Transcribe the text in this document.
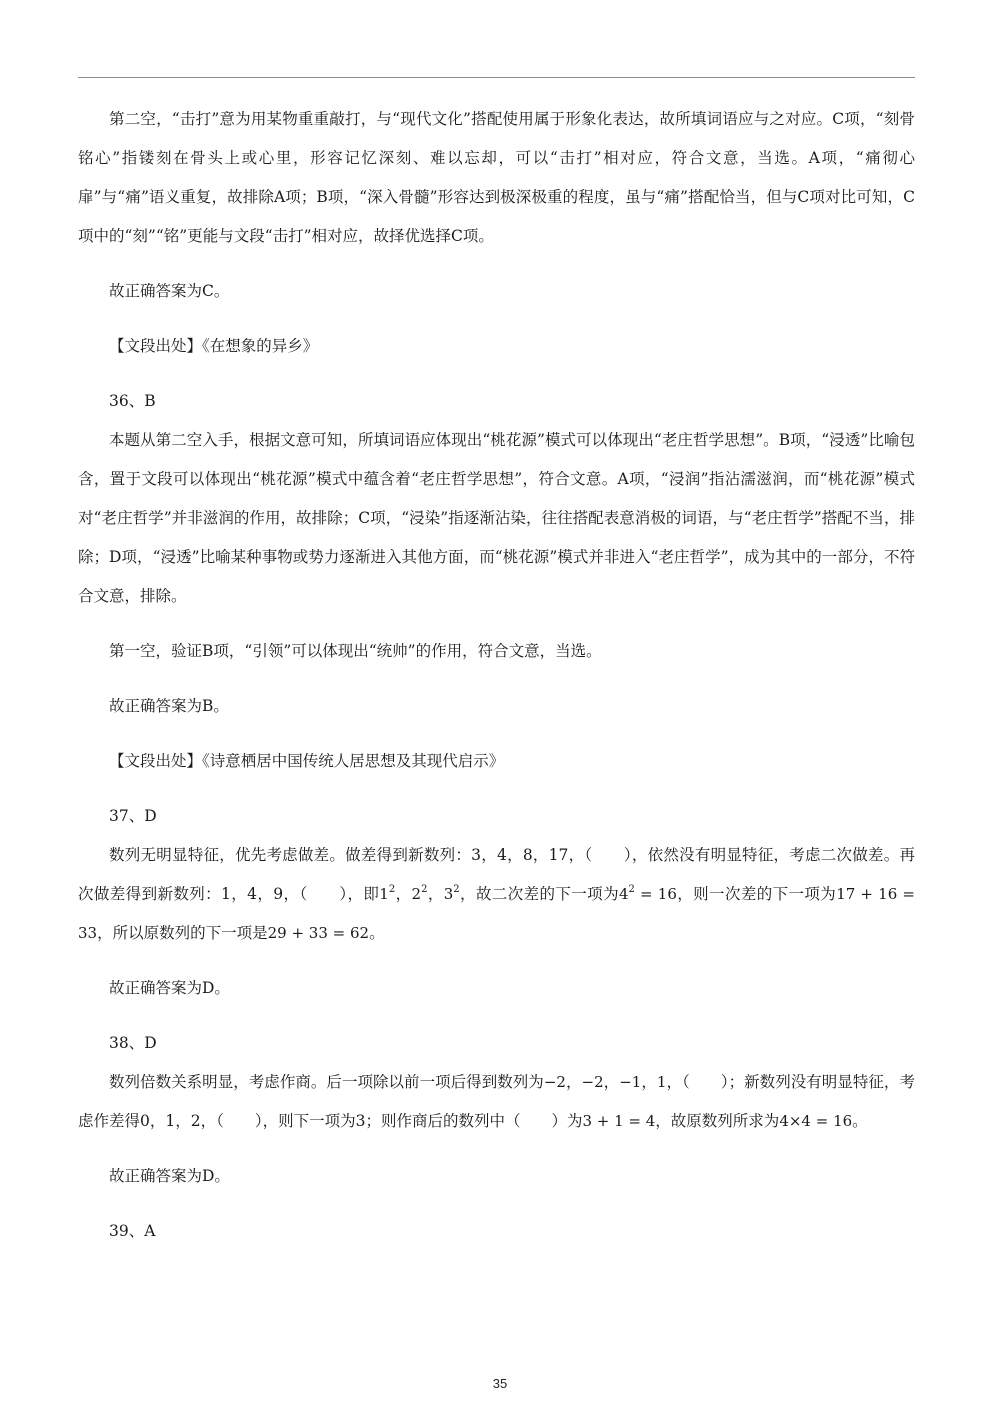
第二空，“击打”意为用某物重重敲打，与“现代文化”搭配使用属于形象化表达，故所填词语应与之对应。C项，“刻骨铭心”指镂刻在骨头上或心里，形容记忆深刻、难以忘却，可以“击打”相对应，符合文意，当选。A项，“痛彻心扉”与“痛”语义重复，故排除A项；B项，“深入骨髓”形容达到极深极重的程度，虽与“痛”搭配恰当，但与C项对比可知，C项中的“刻”“铭”更能与文段“击打”相对应，故择优选择C项。

故正确答案为C。

【文段出处】《在想象的异乡》

36、B

本题从第二空入手，根据文意可知，所填词语应体现出“桃花源”模式可以体现出“老庄哲学思想”。B项，“浸透”比喻包含，置于文段可以体现出“桃花源”模式中蕴含着“老庄哲学思想”，符合文意。A项，“浸润”指沾濡滋润，而“桃花源”模式对“老庄哲学”并非滋润的作用，故排除；C项，“浸染”指逐渐沾染，往往搭配表意消极的词语，与“老庄哲学”搭配不当，排除；D项，“浸透”比喻某种事物或势力逐渐进入其他方面，而“桃花源”模式并非进入“老庄哲学”，成为其中的一部分，不符合文意，排除。

第一空，验证B项，“引领”可以体现出“统帅”的作用，符合文意，当选。

故正确答案为B。

【文段出处】《诗意栖居中国传统人居思想及其现代启示》

37、D

数列无明显特征，优先考虑做差。做差得到新数列：3，4，8，17，（　　），依然没有明显特征，考虑二次做差。再次做差得到新数列：1，4，9，（　　），即$1^2$，$2^2$，$3^2$，故二次差的下一项为$4^2 = 16$，则一次差的下一项为17 + 16 = 33，所以原数列的下一项是29 + 33 = 62。

故正确答案为D。

38、D

数列倍数关系明显，考虑作商。后一项除以前一项后得到数列为−2，−2，−1，1，（　　）；新数列没有明显特征，考虑作差得0，1，2，（　　），则下一项为3；则作商后的数列中（　　）为3 + 1 = 4，故原数列所求为4×4 = 16。

故正确答案为D。

39、A

35
